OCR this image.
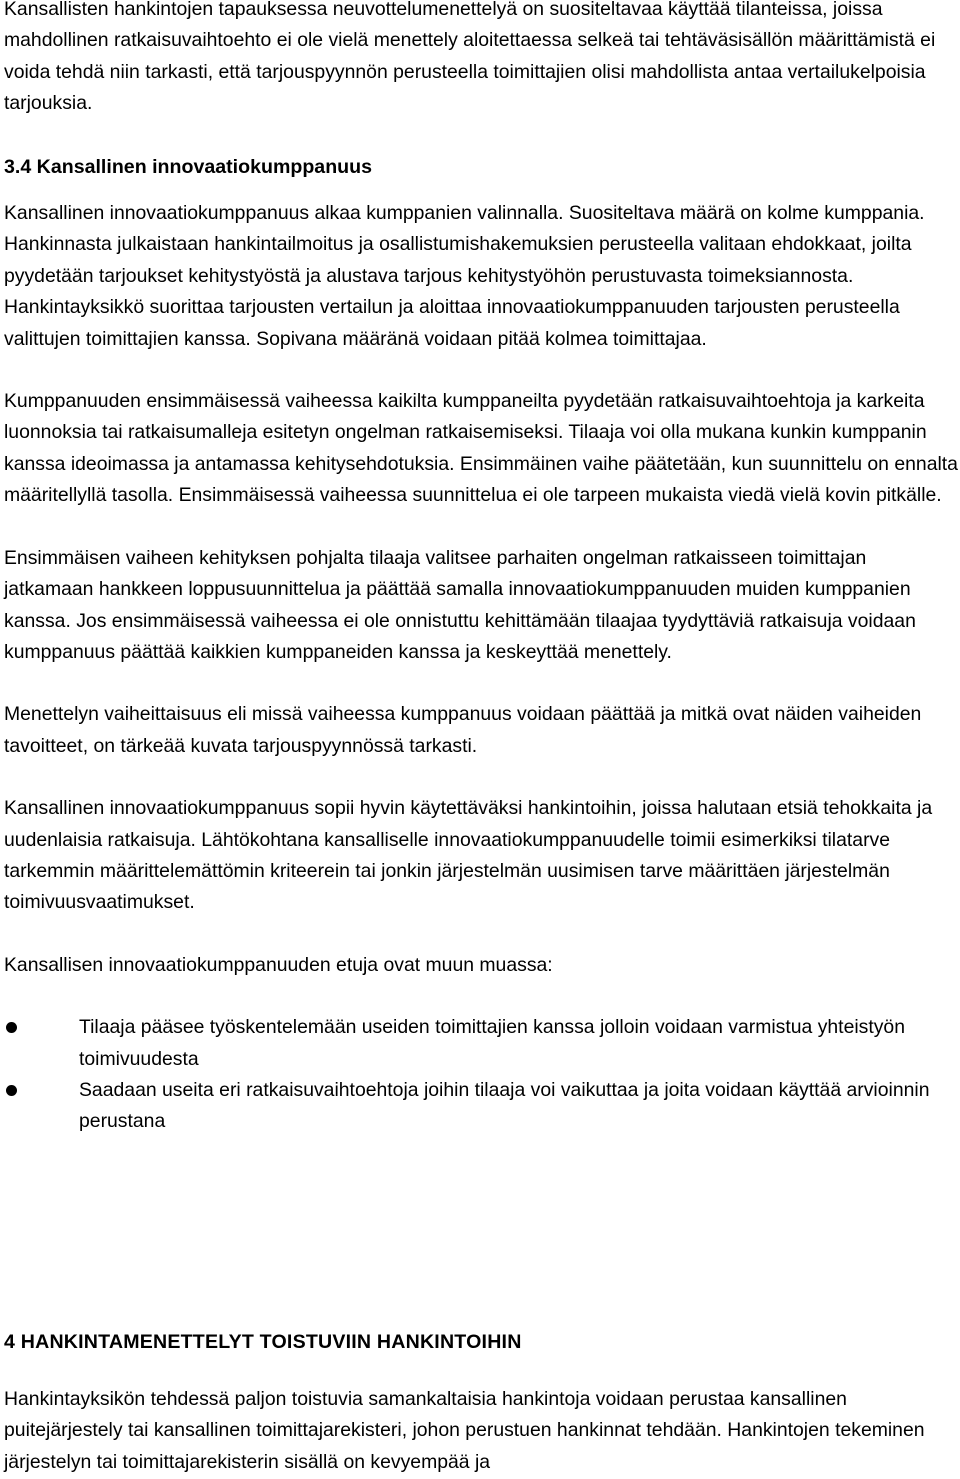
Kansallisten hankintojen tapauksessa neuvottelumenettelyä on suositeltavaa käyttää tilanteissa, joissa mahdollinen ratkaisuvaihtoehto ei ole vielä menettely aloitettaessa selkeä tai tehtäväsisällön määrittämistä ei voida tehdä niin tarkasti, että tarjouspyynnön perusteella toimittajien olisi mahdollista antaa vertailukelpoisia tarjouksia.

3.4 Kansallinen innovaatiokumppanuus

Kansallinen innovaatiokumppanuus alkaa kumppanien valinnalla. Suositeltava määrä on kolme kumppania. Hankinnasta julkaistaan hankintailmoitus ja osallistumishakemuksien perusteella valitaan ehdokkaat, joilta pyydetään tarjoukset kehitystyöstä ja alustava tarjous kehitystyöhön perustuvasta toimeksiannosta. Hankintayksikkö suorittaa tarjousten vertailun ja aloittaa innovaatiokumppanuuden tarjousten perusteella valittujen toimittajien kanssa. Sopivana määränä voidaan pitää kolmea toimittajaa.

Kumppanuuden ensimmäisessä vaiheessa kaikilta kumppaneilta pyydetään ratkaisuvaihtoehtoja ja karkeita luonnoksia tai ratkaisumalleja esitetyn ongelman ratkaisemiseksi. Tilaaja voi olla mukana kunkin kumppanin kanssa ideoimassa ja antamassa kehitysehdotuksia. Ensimmäinen vaihe päätetään, kun suunnittelu on ennalta määritellyllä tasolla. Ensimmäisessä vaiheessa suunnittelua ei ole tarpeen mukaista viedä vielä kovin pitkälle.

Ensimmäisen vaiheen kehityksen pohjalta tilaaja valitsee parhaiten ongelman ratkaisseen toimittajan jatkamaan hankkeen loppusuunnittelua ja päättää samalla innovaatiokumppanuuden muiden kumppanien kanssa. Jos ensimmäisessä vaiheessa ei ole onnistuttu kehittämään tilaajaa tyydyttäviä ratkaisuja voidaan kumppanuus päättää kaikkien kumppaneiden kanssa ja keskeyttää menettely.

Menettelyn vaiheittaisuus eli missä vaiheessa kumppanuus voidaan päättää ja mitkä ovat näiden vaiheiden tavoitteet, on tärkeää kuvata tarjouspyynnössä tarkasti.

Kansallinen innovaatiokumppanuus sopii hyvin käytettäväksi hankintoihin, joissa halutaan etsiä tehokkaita ja uudenlaisia ratkaisuja. Lähtökohtana kansalliselle innovaatiokumppanuudelle toimii esimerkiksi tilatarve tarkemmin määrittelemättömin kriteerein tai jonkin järjestelmän uusimisen tarve määrittäen järjestelmän toimivuusvaatimukset.

Kansallisen innovaatiokumppanuuden etuja ovat muun muassa:

Tilaaja pääsee työskentelemään useiden toimittajien kanssa jolloin voidaan varmistua yhteistyön toimivuudesta
Saadaan useita eri ratkaisuvaihtoehtoja joihin tilaaja voi vaikuttaa ja joita voidaan käyttää arvioinnin perustana
4 HANKINTAMENETTELYT TOISTUVIIN HANKINTOIHIN

Hankintayksikön tehdessä paljon toistuvia samankaltaisia hankintoja voidaan perustaa kansallinen puitejärjestely tai kansallinen toimittajarekisteri, johon perustuen hankinnat tehdään. Hankintojen tekeminen järjestelyn tai toimittajarekisterin sisällä on kevyempää ja
